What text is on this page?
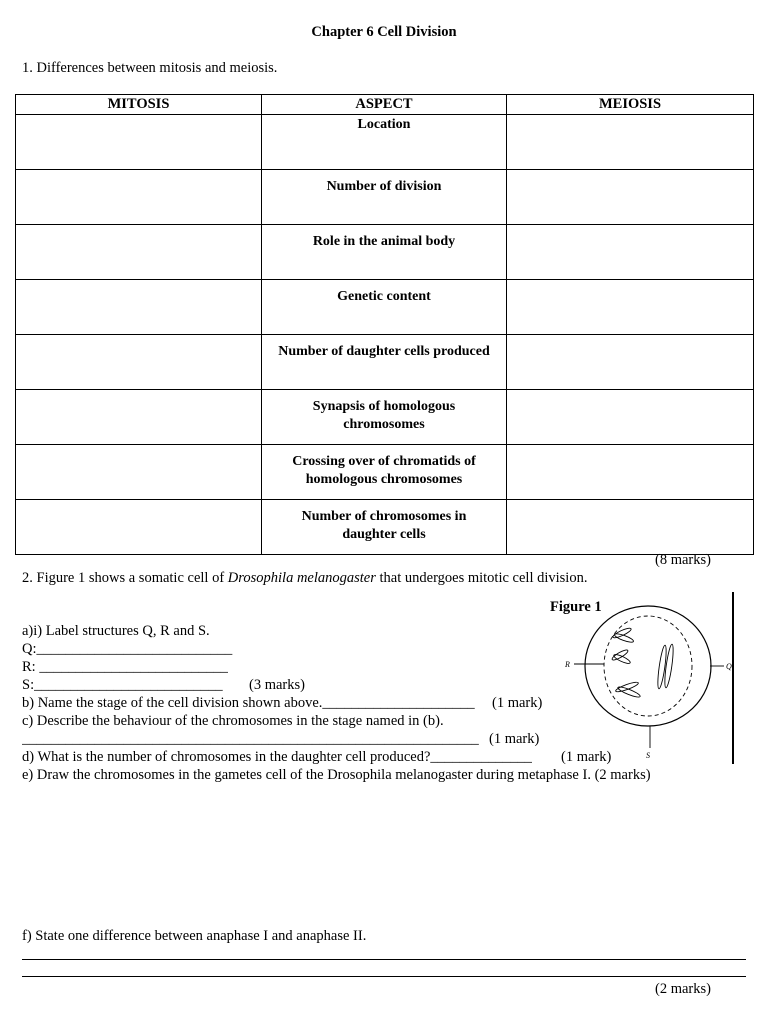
Chapter 6 Cell Division
1. Differences between mitosis and meiosis.
MITOSIS	ASPECT	MEIOSIS

	Location	

	Number of division	

	Role in the animal body	

	Genetic content	

	Number of daughter cells produced	

	Synapsis of homologous
chromosomes	

	Crossing over of chromatids of
homologous chromosomes	

	Number of chromosomes in
daughter cells	

(8 marks)
2. Figure 1 shows a somatic cell of Drosophila melanogaster that undergoes mitotic cell division.
Figure 1
R	Q
S
a)i) Label structures Q, R and S.
Q:___________________________
R: __________________________
S:__________________________ (3 marks)
b) Name the stage of the cell division shown above._____________________ (1 mark)
c) Describe the behaviour of the chromosomes in the stage named in (b).
_______________________________________________________________ (1 mark)
d) What is the number of chromosomes in the daughter cell produced?______________ (1 mark)
e) Draw the chromosomes in the gametes cell of the Drosophila melanogaster during metaphase I. (2 marks)
f) State one difference between anaphase I and anaphase II.
(2 marks)
